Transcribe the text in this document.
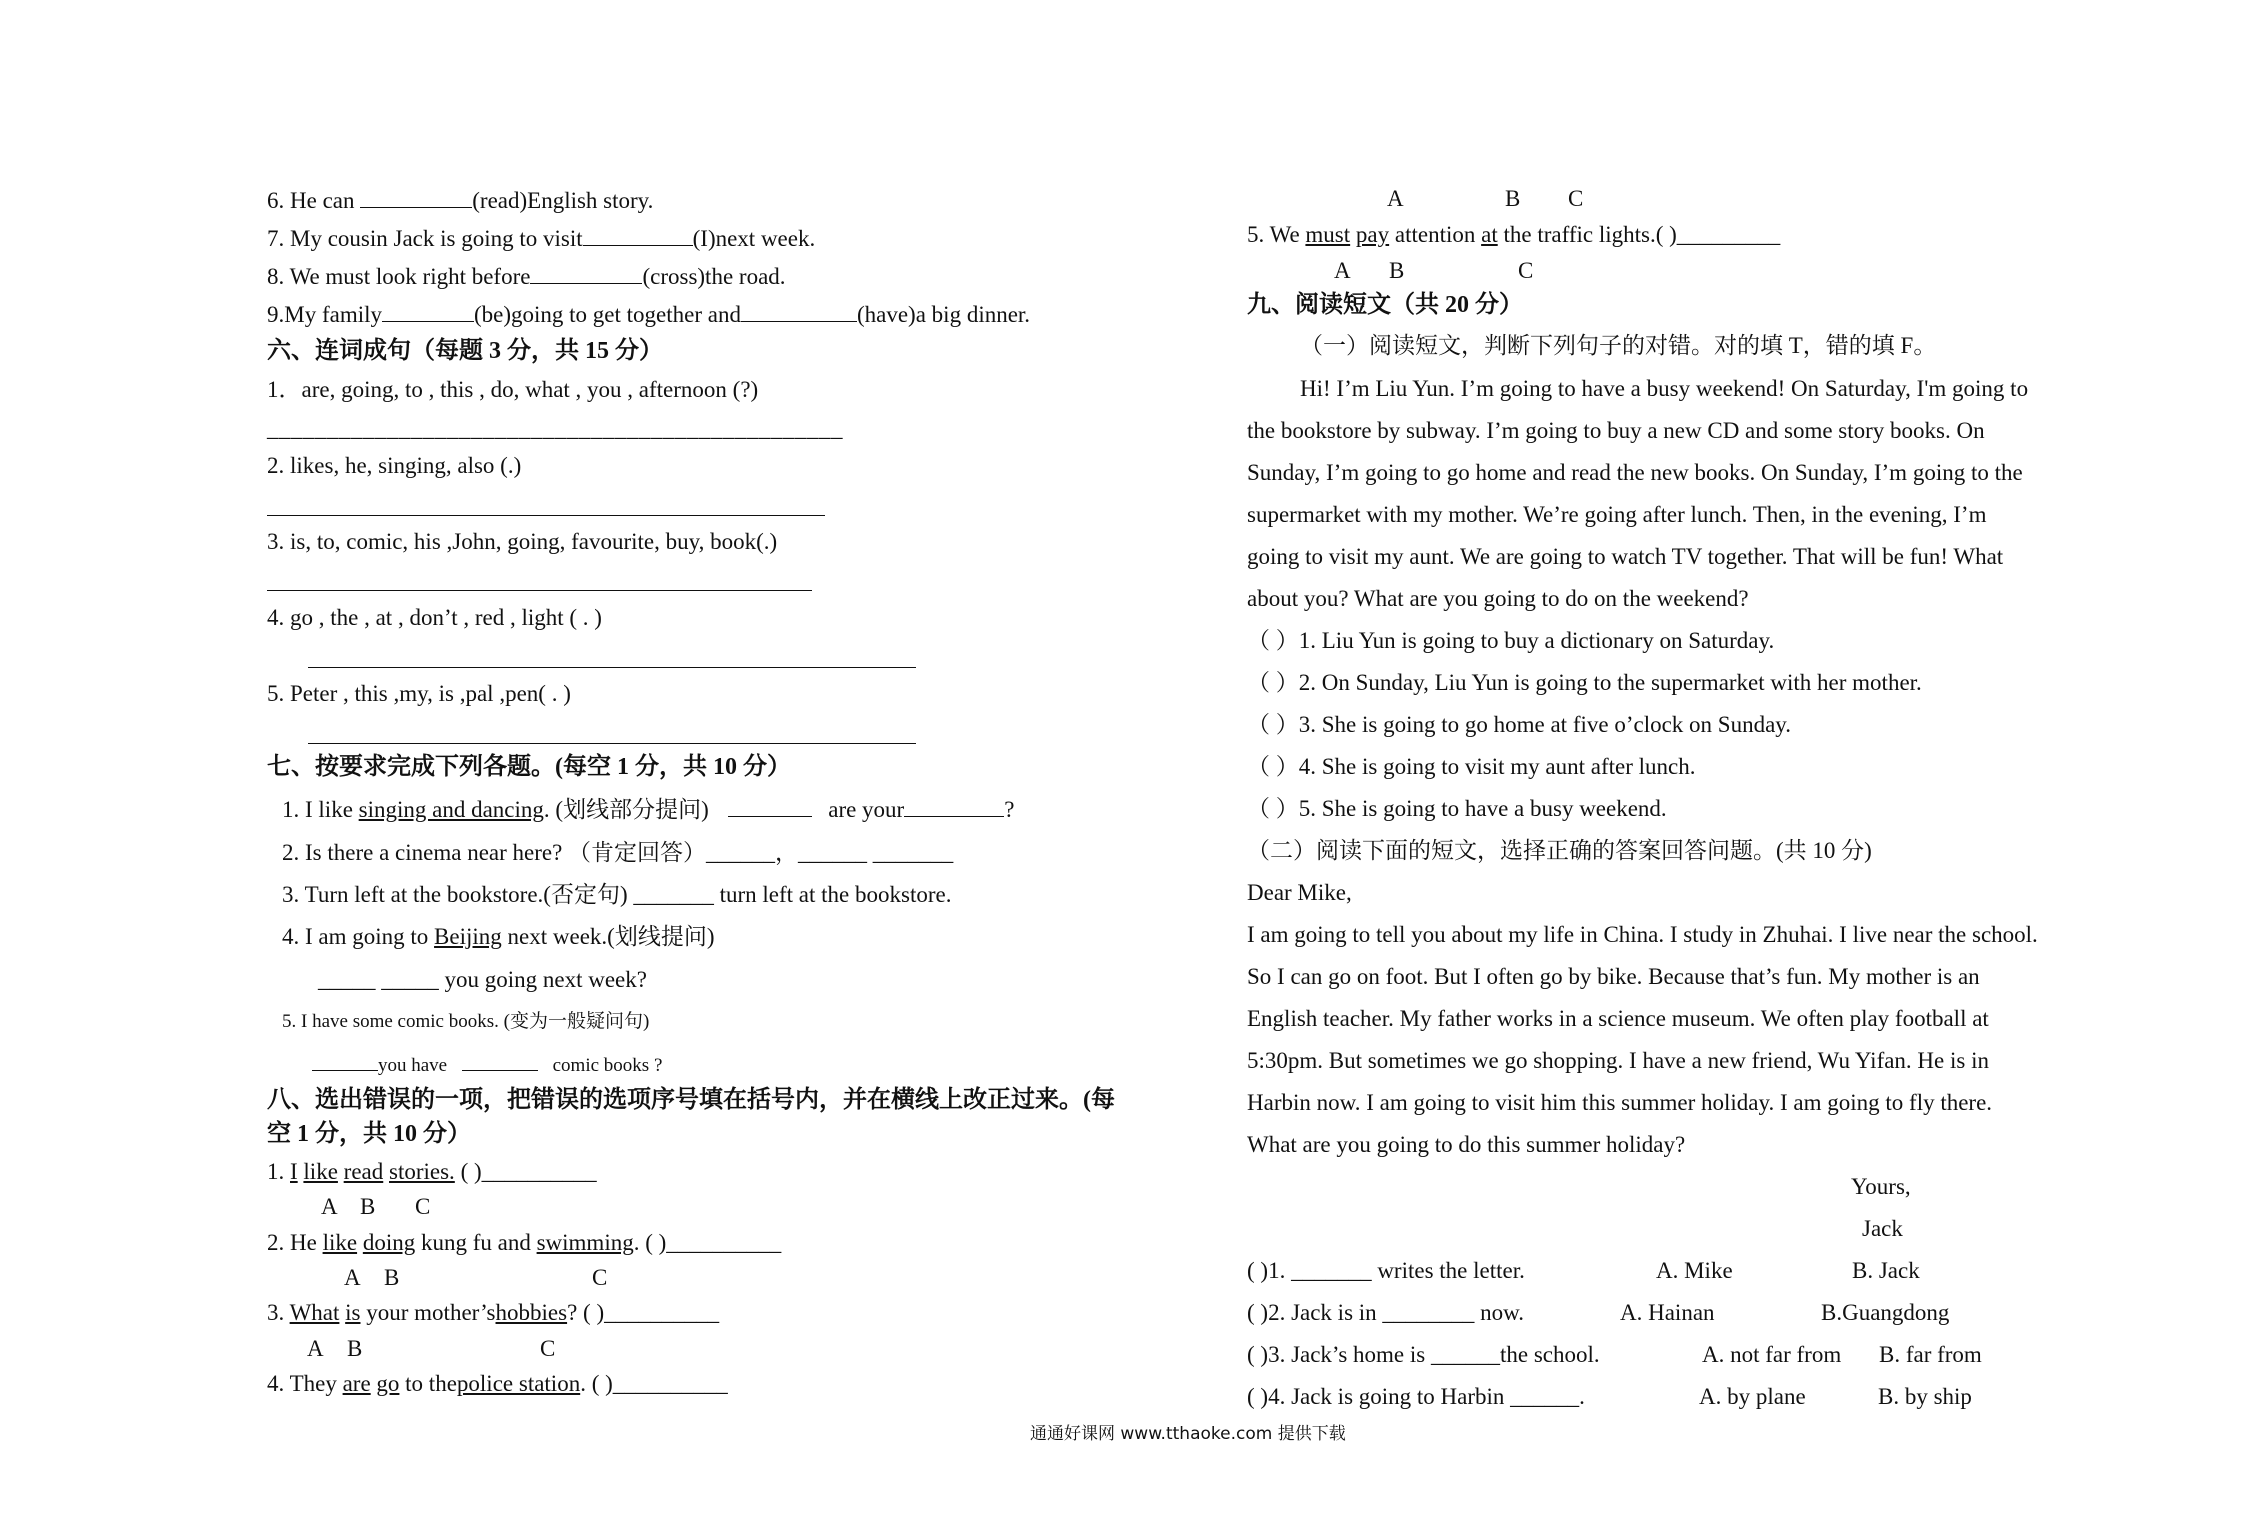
6. He can	(read)English story.
7. My cousin Jack is going to visit	(I)next week.
8. We must look right before	(cross)the road.
9.My family	(be)going to get together and	(have)a big dinner.
六、连词成句（每题 3 分，共 15 分）
1．are, going, to , this , do, what , you , afternoon (?)
________________________________________________
2. likes, he, singing, also (.)
3. is, to, comic, his ,John, going, favourite, buy, book(.)
4. go , the , at , don’t , red , light ( . )
5. Peter , this ,my, is ,pal ,pen( . )
七、按要求完成下列各题。(每空 1 分，共 10 分）
1. I like singing and dancing. (划线部分提问)	are your	?
2. Is there a cinema near here? （肯定回答）______，______ _______
3. Turn left at the bookstore.(否定句) _______ turn left at the bookstore.
4. I am going to Beijing next week.(划线提问)
_____ _____ you going next week?
5. I have some comic books. (变为一般疑问句)
you have	comic books ?
八、选出错误的一项，把错误的选项序号填在括号内，并在横线上改正过来。(每
空 1 分，共 10 分）
1. I like read stories. ( )__________
A B C
2. He like doing kung fu and swimming. ( )__________
A B	C
3. What is your mother’shobbies? ( )__________
A B	C
4. They are go to thepolice station. ( )__________
A	B C
5. We must pay attention at the traffic lights.( )_________
A B	C
九、阅读短文（共 20 分）
（一）阅读短文，判断下列句子的对错。对的填 T，错的填 F。
Hi! I’m Liu Yun. I’m going to have a busy weekend! On Saturday, I'm going to
the bookstore by subway. I’m going to buy a new CD and some story books. On
Sunday, I’m going to go home and read the new books. On Sunday, I’m going to the
supermarket with my mother. We’re going after lunch. Then, in the evening, I’m
going to visit my aunt. We are going to watch TV together. That will be fun! What
about you? What are you going to do on the weekend?
（ ）1. Liu Yun is going to buy a dictionary on Saturday.
（ ）2. On Sunday, Liu Yun is going to the supermarket with her mother.
（ ）3. She is going to go home at five o’clock on Sunday.
（ ）4. She is going to visit my aunt after lunch.
（ ）5. She is going to have a busy weekend.
（二）阅读下面的短文，选择正确的答案回答问题。(共 10 分)
Dear Mike,
I am going to tell you about my life in China. I study in Zhuhai. I live near the school.
So I can go on foot. But I often go by bike. Because that’s fun. My mother is an
English teacher. My father works in a science museum. We often play football at
5:30pm. But sometimes we go shopping. I have a new friend, Wu Yifan. He is in
Harbin now. I am going to visit him this summer holiday. I am going to fly there.
What are you going to do this summer holiday?
Yours,
Jack
( )1. _______ writes the letter.	A. Mike	B. Jack
( )2. Jack is in ________ now.	A. Hainan	B.Guangdong
( )3. Jack’s home is ______the school.	A. not far from B. far from
( )4. Jack is going to Harbin ______.	A. by plane	B. by ship
通通好课网 www.tthaoke.com 提供下载
